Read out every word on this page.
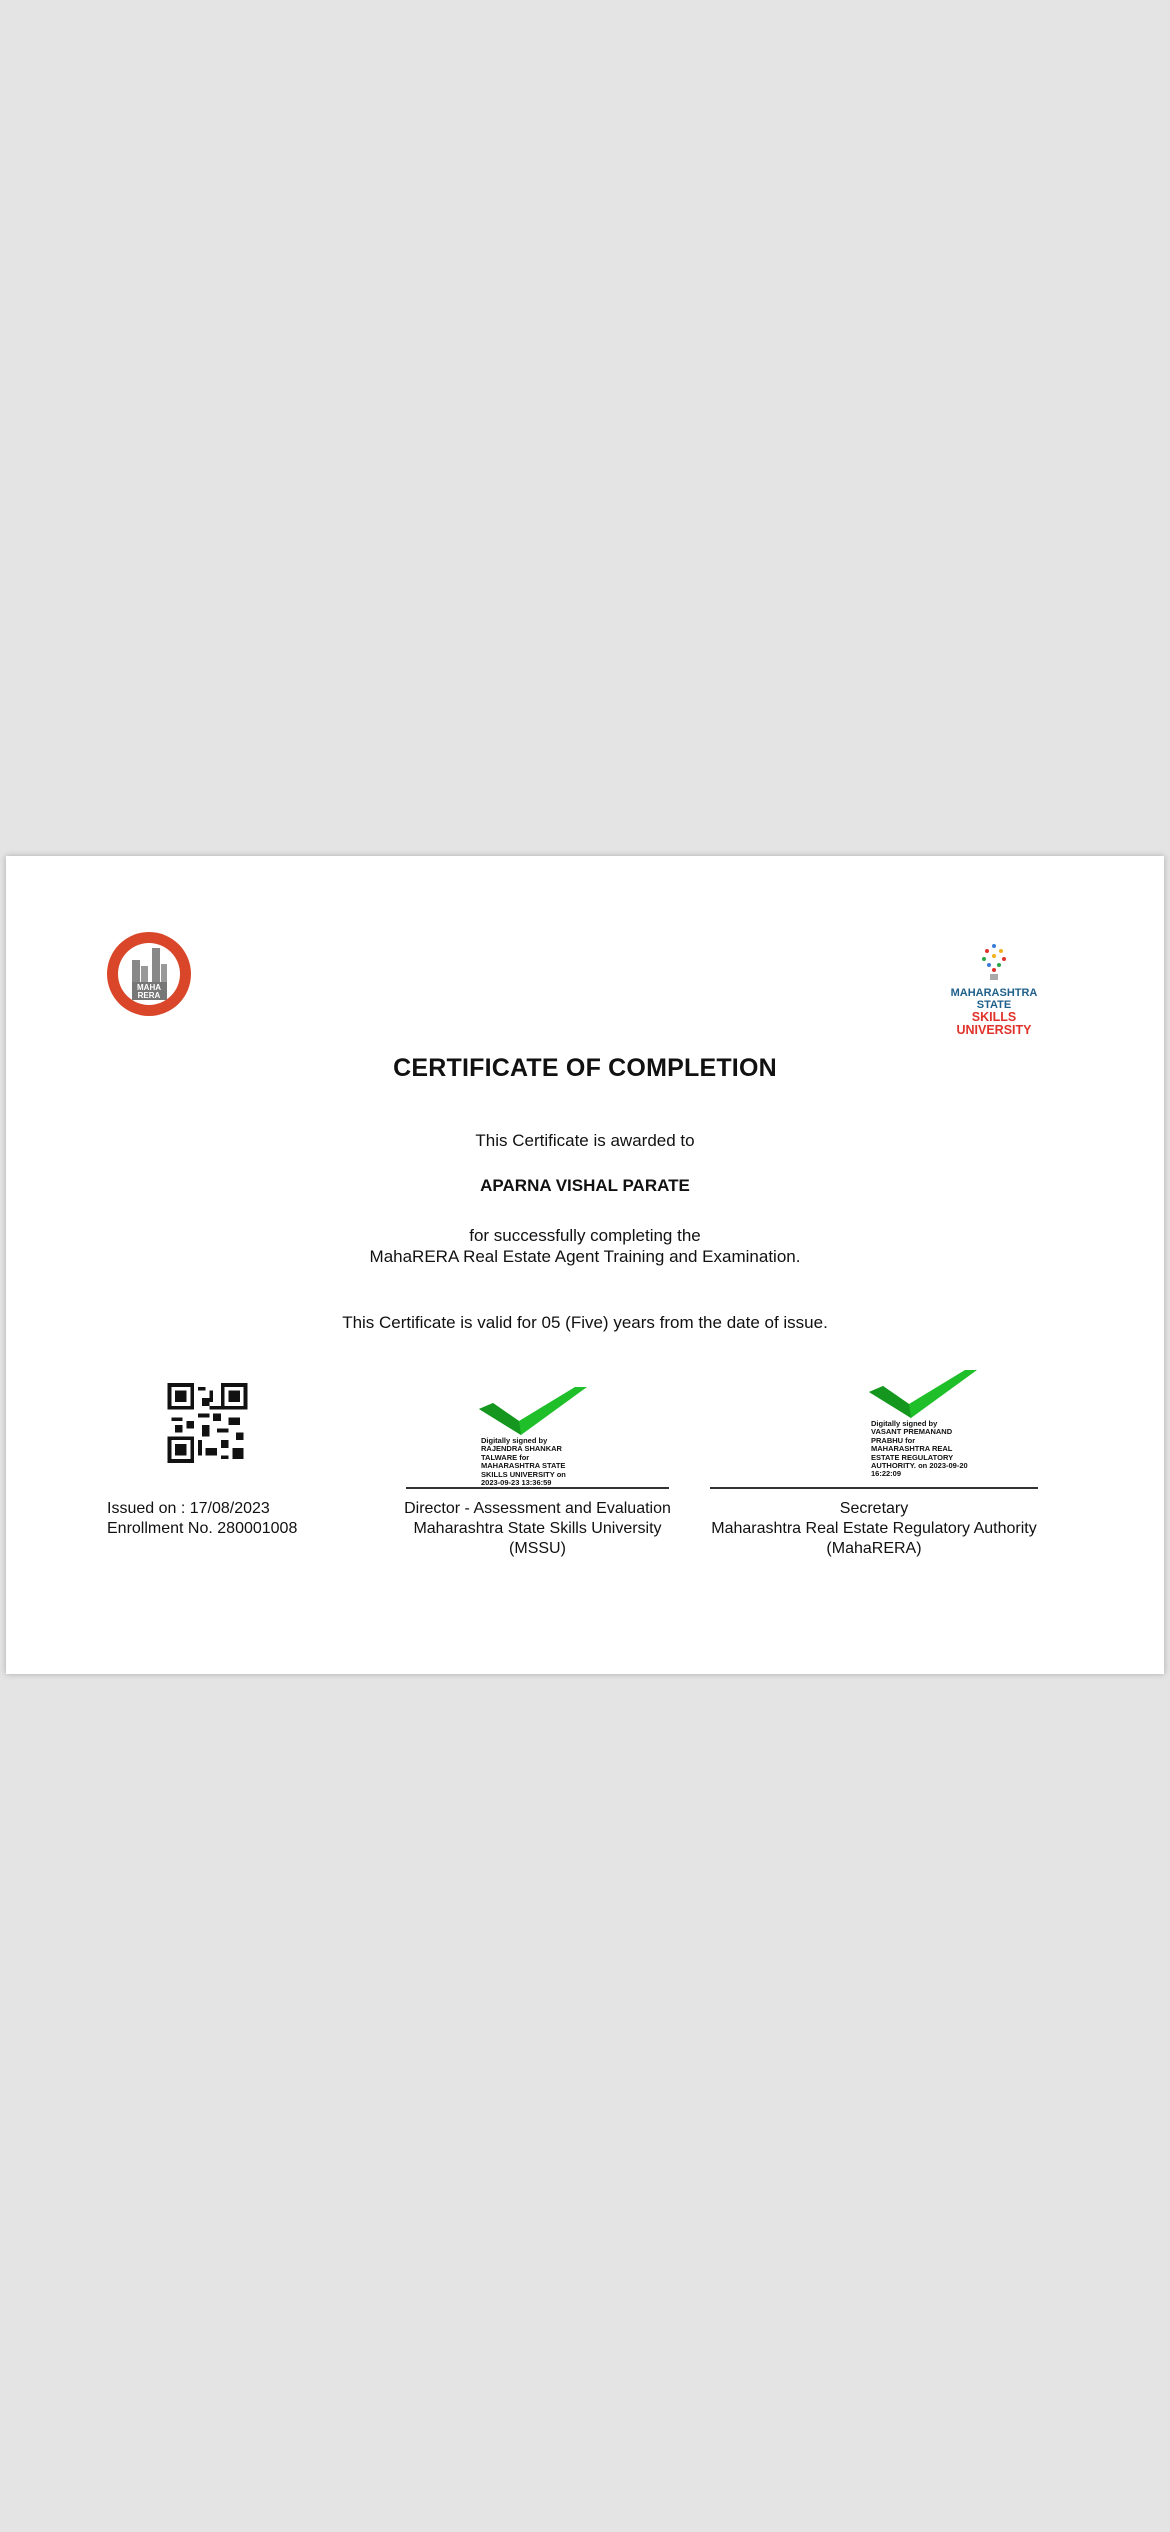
MAHA
RERA	MAHARASHTRA STATE
SKILLS UNIVERSITY
CERTIFICATE OF COMPLETION
This Certificate is awarded to
APARNA VISHAL PARATE
for successfully completing the
MahaRERA Real Estate Agent Training and Examination.
This Certificate is valid for 05 (Five) years from the date of issue.
Issued on : 17/08/2023
Enrollment No. 280001008
Digitally signed by
RAJENDRA SHANKAR
TALWARE for
MAHARASHTRA STATE
SKILLS UNIVERSITY on
2023-09-23 13:36:59
Director - Assessment and Evaluation
Maharashtra State Skills University
(MSSU)
Digitally signed by
VASANT PREMANAND
PRABHU for
MAHARASHTRA REAL
ESTATE REGULATORY
AUTHORITY. on 2023-09-20
16:22:09
Secretary
Maharashtra Real Estate Regulatory Authority
(MahaRERA)
